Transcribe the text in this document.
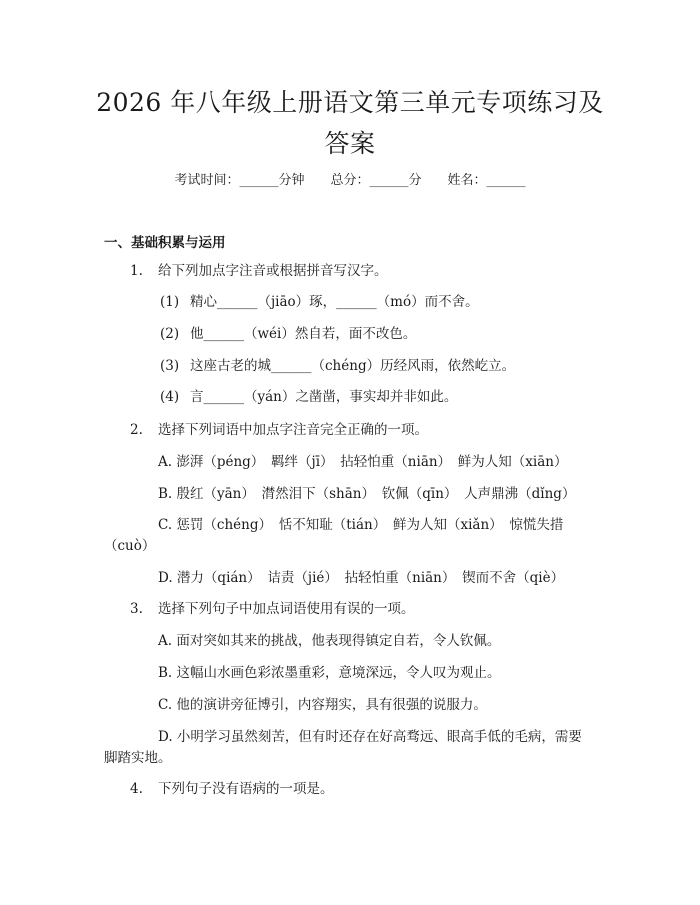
2026 年八年级上册语文第三单元专项练习及
答案
考试时间：______分钟　　总分：______分　　姓名：______
一、基础积累与运用
1. 给下列加点字注音或根据拼音写汉字。
(1) 精心______（jiāo）琢，______（mó）而不舍。
(2) 他______（wéi）然自若，面不改色。
(3) 这座古老的城______（chéng）历经风雨，依然屹立。
(4) 言______（yán）之凿凿，事实却并非如此。
2. 选择下列词语中加点字注音完全正确的一项。
A. 澎湃（péng）　羁绊（jī）　拈轻怕重（niān）　鲜为人知（xiān）
B. 殷红（yān）　潸然泪下（shān）　钦佩（qīn）　人声鼎沸（dǐng）
C. 惩罚（chéng）　恬不知耻（tián）　鲜为人知（xiǎn）　惊慌失措
（cuò）
D. 潜力（qián）　诘责（jié）　拈轻怕重（niān）　锲而不舍（qiè）
3. 选择下列句子中加点词语使用有误的一项。
A. 面对突如其来的挑战，他表现得镇定自若，令人钦佩。
B. 这幅山水画色彩浓墨重彩，意境深远，令人叹为观止。
C. 他的演讲旁征博引，内容翔实，具有很强的说服力。
D. 小明学习虽然刻苦，但有时还存在好高骛远、眼高手低的毛病，需要
脚踏实地。
4. 下列句子没有语病的一项是。
